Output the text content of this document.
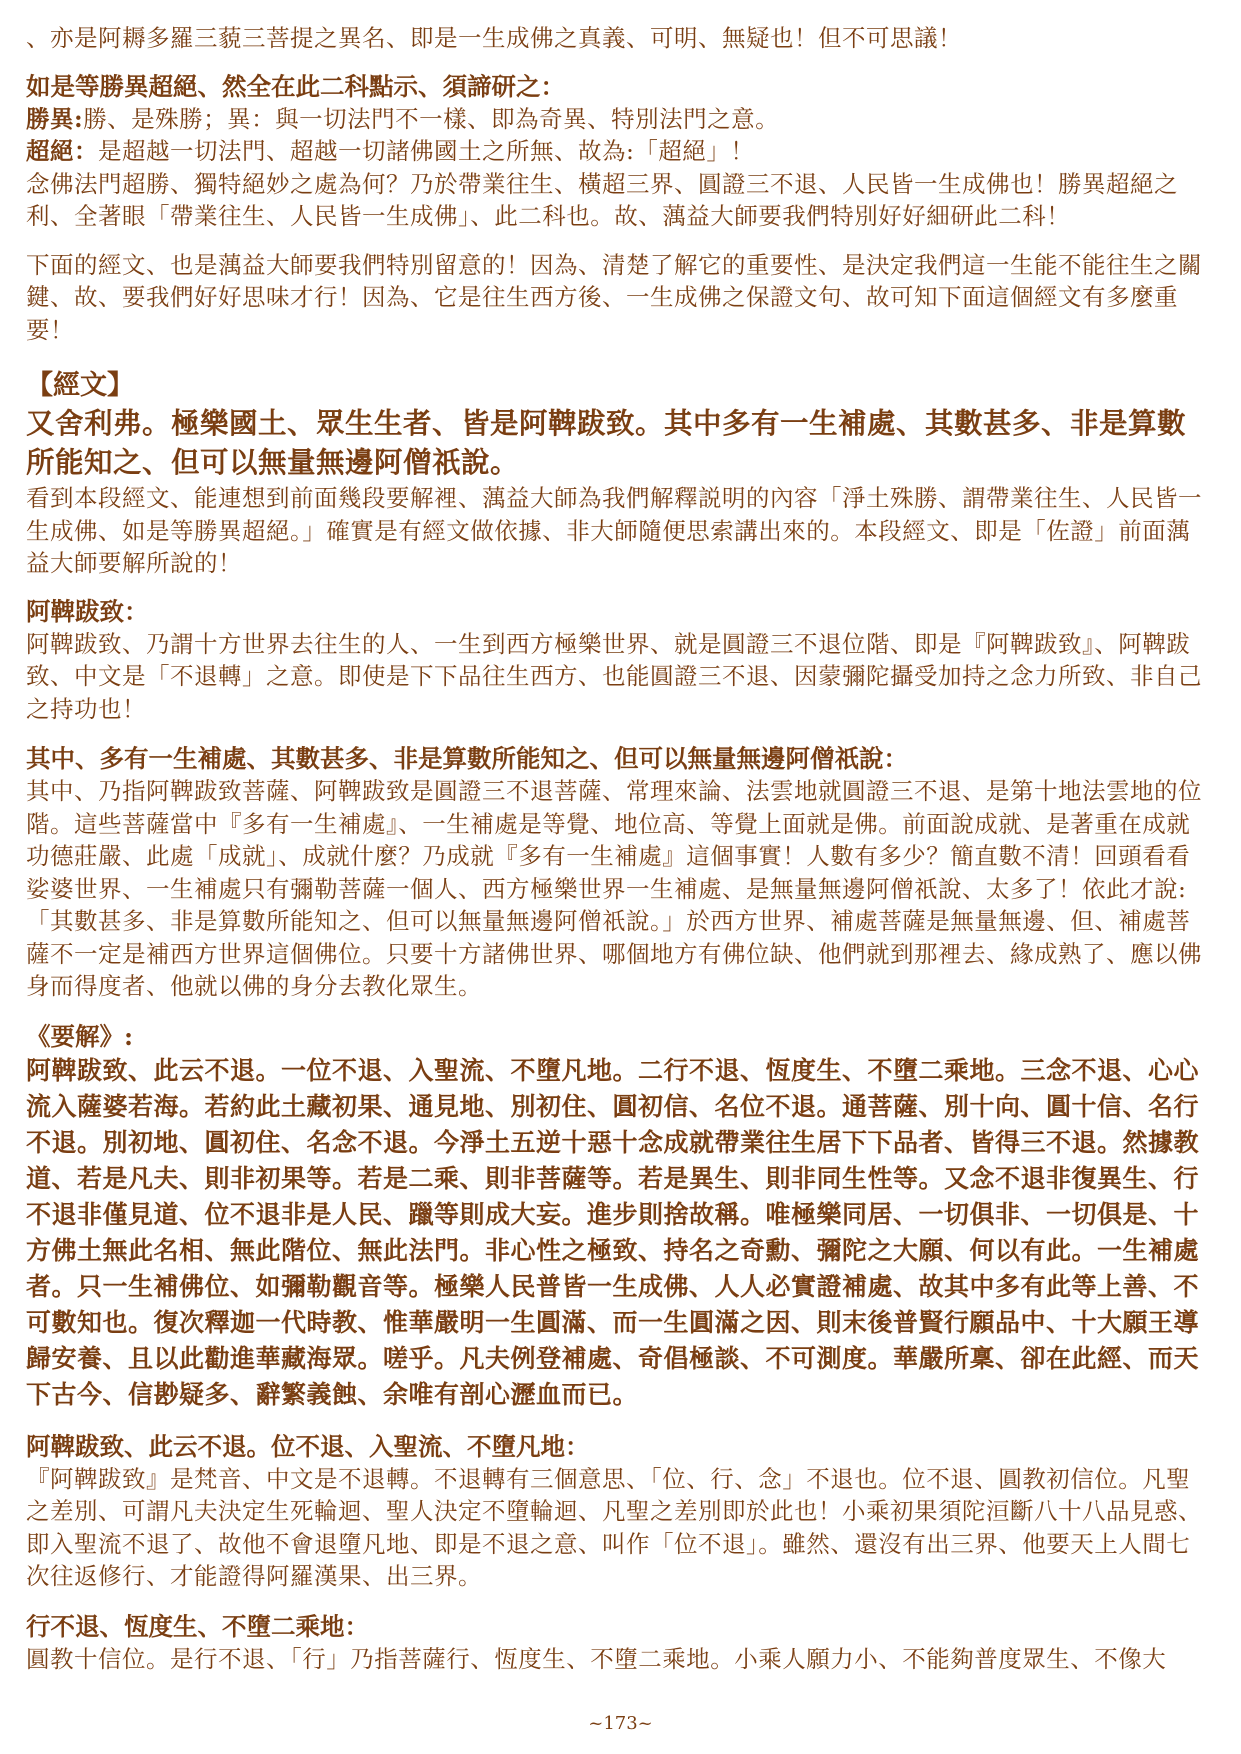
、亦是阿耨多羅三藐三菩提之異名、即是一生成佛之真義、可明、無疑也！但不可思議！

如是等勝異超絕、然全在此二科點示、須諦研之：

勝異:勝、是殊勝；異：與一切法門不一樣、即為奇異、特別法門之意。

超絕：是超越一切法門、超越一切諸佛國土之所無、故為:「超絕」！

念佛法門超勝、獨特絕妙之處為何？乃於帶業往生、橫超三界、圓證三不退、人民皆一生成佛也！勝異超絕之利、全著眼「帶業往生、人民皆一生成佛」、此二科也。故、蕅益大師要我們特別好好細研此二科！

下面的經文、也是蕅益大師要我們特別留意的！因為、清楚了解它的重要性、是決定我們這一生能不能往生之關鍵、故、要我們好好思味才行！因為、它是往生西方後、一生成佛之保證文句、故可知下面這個經文有多麼重要！

【經文】

又舍利弗。極樂國土、眾生生者、皆是阿鞞跋致。其中多有一生補處、其數甚多、非是算數所能知之、但可以無量無邊阿僧祇說。

看到本段經文、能連想到前面幾段要解裡、蕅益大師為我們解釋説明的內容「淨土殊勝、謂帶業往生、人民皆一生成佛、如是等勝異超絕。」確實是有經文做依據、非大師隨便思索講出來的。本段經文、即是「佐證」前面蕅益大師要解所說的！

阿鞞跋致：

阿鞞跋致、乃謂十方世界去往生的人、一生到西方極樂世界、就是圓證三不退位階、即是『阿鞞跋致』、阿鞞跋致、中文是「不退轉」之意。即使是下下品往生西方、也能圓證三不退、因蒙彌陀攝受加持之念力所致、非自己之持功也！

其中、多有一生補處、其數甚多、非是算數所能知之、但可以無量無邊阿僧祇說：

其中、乃指阿鞞跋致菩薩、阿鞞跋致是圓證三不退菩薩、常理來論、法雲地就圓證三不退、是第十地法雲地的位階。這些菩薩當中『多有一生補處』、一生補處是等覺、地位高、等覺上面就是佛。前面說成就、是著重在成就功德莊嚴、此處「成就」、成就什麼？乃成就『多有一生補處』這個事實！人數有多少？簡直數不清！回頭看看娑婆世界、一生補處只有彌勒菩薩一個人、西方極樂世界一生補處、是無量無邊阿僧祇說、太多了！依此才說:「其數甚多、非是算數所能知之、但可以無量無邊阿僧祇說。」於西方世界、補處菩薩是無量無邊、但、補處菩薩不一定是補西方世界這個佛位。只要十方諸佛世界、哪個地方有佛位缺、他們就到那裡去、緣成熟了、應以佛身而得度者、他就以佛的身分去教化眾生。

《要解》:

阿鞞跋致、此云不退。一位不退、入聖流、不墮凡地。二行不退、恆度生、不墮二乘地。三念不退、心心流入薩婆若海。若約此土藏初果、通見地、別初住、圓初信、名位不退。通菩薩、別十向、圓十信、名行不退。別初地、圓初住、名念不退。今淨土五逆十惡十念成就帶業往生居下下品者、皆得三不退。然據教道、若是凡夫、則非初果等。若是二乘、則非菩薩等。若是異生、則非同生性等。又念不退非復異生、行不退非僅見道、位不退非是人民、躐等則成大妄。進步則捨故稱。唯極樂同居、一切俱非、一切俱是、十方佛土無此名相、無此階位、無此法門。非心性之極致、持名之奇勳、彌陀之大願、何以有此。一生補處者。只一生補佛位、如彌勒觀音等。極樂人民普皆一生成佛、人人必實證補處、故其中多有此等上善、不可數知也。復次釋迦一代時教、惟華嚴明一生圓滿、而一生圓滿之因、則末後普賢行願品中、十大願王導歸安養、且以此勸進華藏海眾。嗟乎。凡夫例登補處、奇倡極談、不可測度。華嚴所稟、卻在此經、而天下古今、信尠疑多、辭繁義蝕、余唯有剖心瀝血而已。

阿鞞跋致、此云不退。位不退、入聖流、不墮凡地：

『阿鞞跋致』是梵音、中文是不退轉。不退轉有三個意思、「位、行、念」不退也。位不退、圓教初信位。凡聖之差別、可謂凡夫決定生死輪迴、聖人決定不墮輪迴、凡聖之差別即於此也！小乘初果須陀洹斷八十八品見惑、即入聖流不退了、故他不會退墮凡地、即是不退之意、叫作「位不退」。雖然、還沒有出三界、他要天上人間七次往返修行、才能證得阿羅漢果、出三界。

行不退、恆度生、不墮二乘地：

圓教十信位。是行不退、「行」乃指菩薩行、恆度生、不墮二乘地。小乘人願力小、不能夠普度眾生、不像大

~173~
